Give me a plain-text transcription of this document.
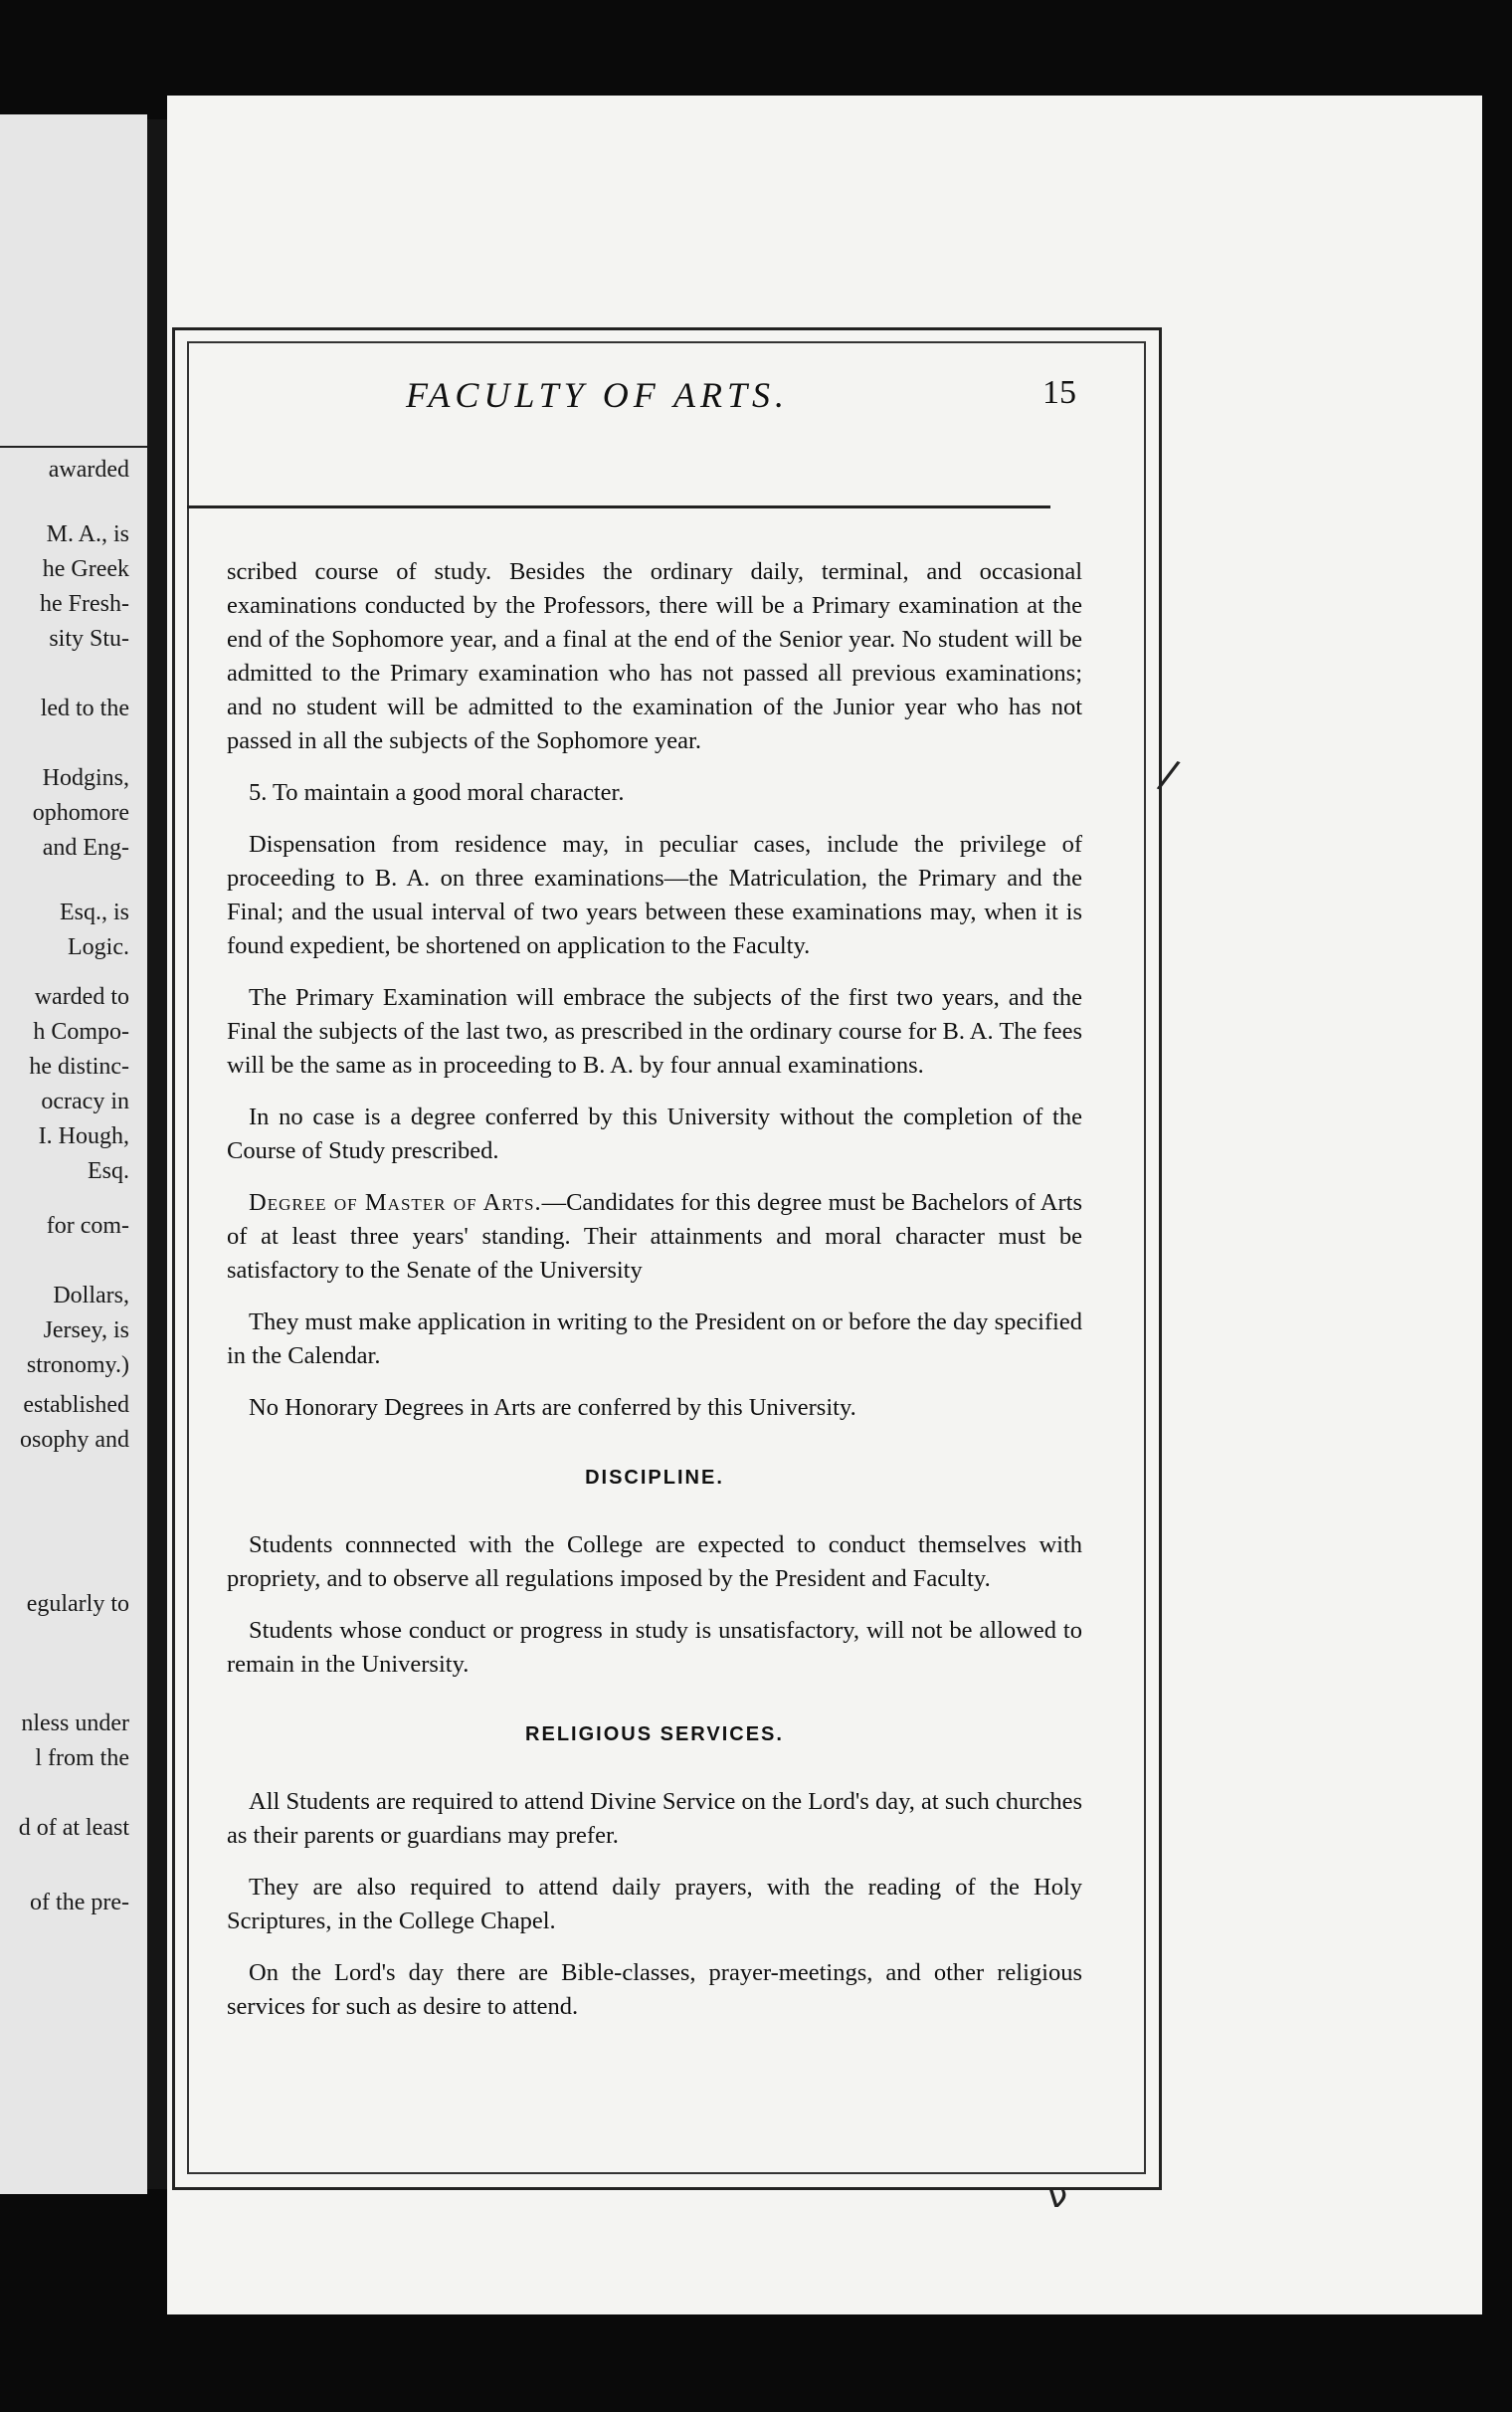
awarded
M. A., is
he Greek
he Fresh-
sity Stu-
led to the
Hodgins,
ophomore
and Eng-
Esq., is
Logic.
warded to
h Compo-
he distinc-
ocracy in
I. Hough,
Esq.
for com-
Dollars,
Jersey, is
stronomy.)
established
osophy and
egularly to
nless under
l from the
d of at least
of the pre-
FACULTY OF ARTS.	15

scribed course of study. Besides the ordinary daily, terminal, and occasional examinations conducted by the Professors, there will be a Primary examination at the end of the Sophomore year, and a final at the end of the Senior year. No student will be admitted to the Primary examination who has not passed all previous examinations; and no student will be admitted to the examination of the Junior year who has not passed in all the subjects of the Sophomore year.

5. To maintain a good moral character.

Dispensation from residence may, in peculiar cases, include the privilege of proceeding to B. A. on three examinations—the Matriculation, the Primary and the Final; and the usual interval of two years between these examinations may, when it is found expedient, be shortened on application to the Faculty.

The Primary Examination will embrace the subjects of the first two years, and the Final the subjects of the last two, as prescribed in the ordinary course for B. A. The fees will be the same as in proceeding to B. A. by four annual examinations.

In no case is a degree conferred by this University without the completion of the Course of Study prescribed.

Degree of Master of Arts.—Candidates for this degree must be Bachelors of Arts of at least three years' standing. Their attainments and moral character must be satisfactory to the Senate of the University

They must make application in writing to the President on or before the day specified in the Calendar.

No Honorary Degrees in Arts are conferred by this University.

DISCIPLINE.

Students connnected with the College are expected to conduct themselves with propriety, and to observe all regulations imposed by the President and Faculty.

Students whose conduct or progress in study is unsatisfactory, will not be allowed to remain in the University.

RELIGIOUS SERVICES.

All Students are required to attend Divine Service on the Lord's day, at such churches as their parents or guardians may prefer.

They are also required to attend daily prayers, with the reading of the Holy Scriptures, in the College Chapel.

On the Lord's day there are Bible-classes, prayer-meetings, and other religious services for such as desire to attend.

/
ν
